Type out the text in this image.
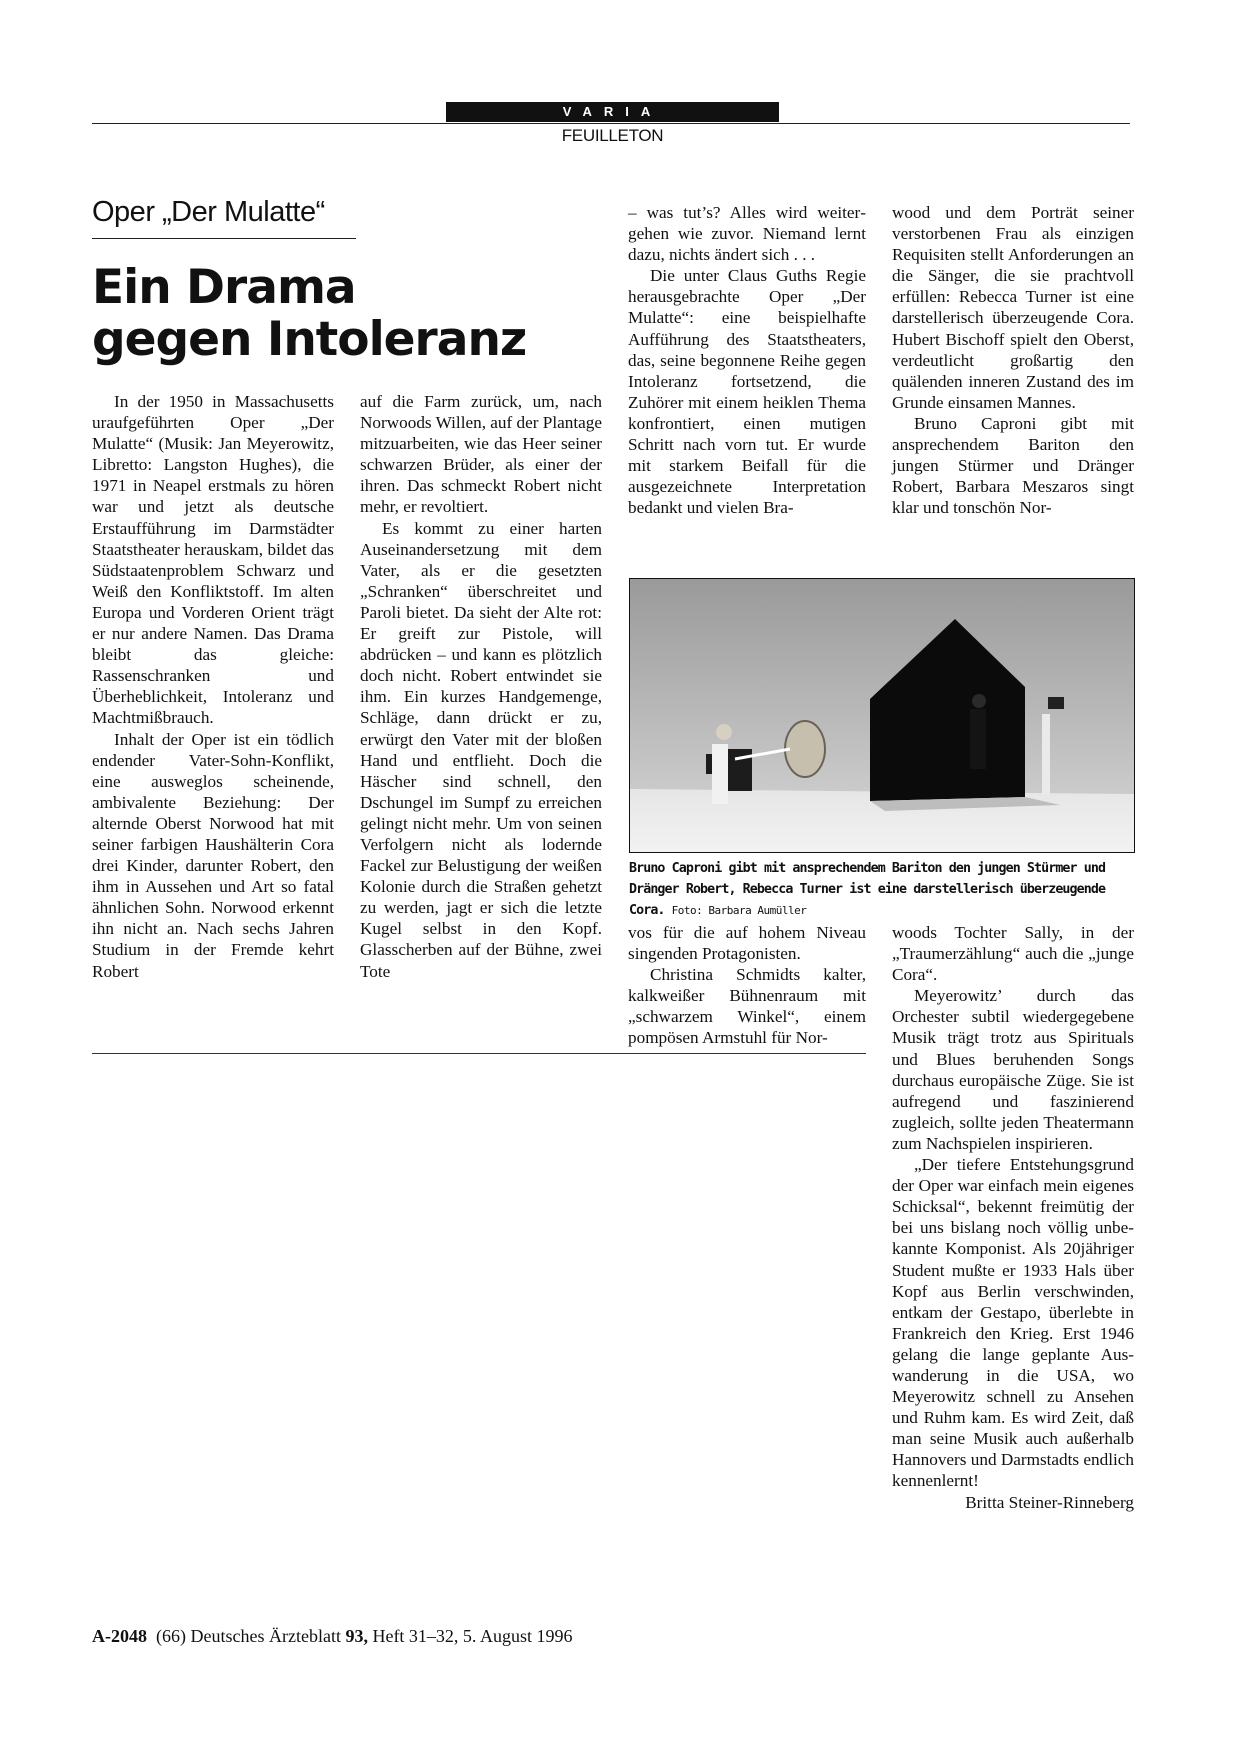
VARIA
FEUILLETON
Oper „Der Mulatte“
Ein Drama
gegen Intoleranz

In der 1950 in Massachusetts uraufgeführten Oper „Der Mulatte“ (Musik: Jan Meyerowitz, Libretto: Langston Hughes), die 1971 in Neapel erstmals zu hören war und jetzt als deutsche Erstaufführung im Darmstädter Staatstheater herauskam, bildet das Südstaatenproblem Schwarz und Weiß den Konfliktstoff. Im alten Europa und Vorderen Orient trägt er nur andere Namen. Das Drama bleibt das gleiche: Rassenschranken und Überheblichkeit, Intoleranz und Machtmißbrauch.

Inhalt der Oper ist ein tödlich endender Vater-Sohn-Konflikt, eine ausweglos scheinende, ambivalente Beziehung: Der alternde Oberst Norwood hat mit seiner farbigen Haushälterin Cora drei Kinder, darunter Robert, den ihm in Aussehen und Art so fatal ähnlichen Sohn. Norwood erkennt ihn nicht an. Nach sechs Jahren Studium in der Fremde kehrt Robert

auf die Farm zurück, um, nach Norwoods Willen, auf der Plantage mitzuarbeiten, wie das Heer seiner schwarzen Brüder, als einer der ihren. Das schmeckt Robert nicht mehr, er revoltiert.

Es kommt zu einer harten Auseinandersetzung mit dem Vater, als er die gesetzten „Schranken“ überschreitet und Paroli bietet. Da sieht der Alte rot: Er greift zur Pistole, will abdrücken – und kann es plötzlich doch nicht. Robert entwindet sie ihm. Ein kurzes Handgemenge, Schläge, dann drückt er zu, erwürgt den Vater mit der bloßen Hand und entflieht. Doch die Häscher sind schnell, den Dschungel im Sumpf zu erreichen gelingt nicht mehr. Um von seinen Verfolgern nicht als lodernde Fackel zur Belustigung der weißen Kolonie durch die Straßen gehetzt zu werden, jagt er sich die letzte Kugel selbst in den Kopf. Glasscherben auf der Bühne, zwei Tote

– was tut’s? Alles wird weitergehen wie zuvor. Niemand lernt dazu, nichts ändert sich . . .

Die unter Claus Guths Regie herausgebrachte Oper „Der Mulatte“: eine beispielhafte Aufführung des Staatstheaters, das, seine begonnene Reihe gegen Intoleranz fortsetzend, die Zuhörer mit einem heiklen Thema konfrontiert, einen mutigen Schritt nach vorn tut. Er wurde mit starkem Beifall für die ausgezeichnete Interpretation bedankt und vielen Bra-

wood und dem Porträt seiner verstorbenen Frau als einzigen Requisiten stellt Anforderungen an die Sänger, die sie prachtvoll erfüllen: Rebecca Turner ist eine darstellerisch überzeugende Cora. Hubert Bischoff spielt den Oberst, verdeutlicht großartig den quälenden inneren Zustand des im Grunde einsamen Mannes.

Bruno Caproni gibt mit ansprechendem Bariton den jungen Stürmer und Dränger Robert, Barbara Meszaros singt klar und tonschön Nor-

Bruno Caproni gibt mit ansprechendem Bariton den jungen Stürmer und Dränger Robert, Rebecca Turner ist eine darstellerisch überzeugende Cora. Foto: Barbara Aumüller

vos für die auf hohem Niveau singenden Protagonisten.

Christina Schmidts kalter, kalkweißer Bühnenraum mit „schwarzem Winkel“, einem pompösen Armstuhl für Nor-

woods Tochter Sally, in der „Traumerzählung“ auch die „junge Cora“.

Meyerowitz’ durch das Orchester subtil wiedergegebene Musik trägt trotz aus Spirituals und Blues beruhenden Songs durchaus europäische Züge. Sie ist aufregend und faszinierend zugleich, sollte jeden Theatermann zum Nachspielen inspirieren.

„Der tiefere Entstehungsgrund der Oper war einfach mein eigenes Schicksal“, bekennt freimütig der bei uns bislang noch völlig unbekannte Komponist. Als 20jähriger Student mußte er 1933 Hals über Kopf aus Berlin verschwinden, entkam der Gestapo, überlebte in Frankreich den Krieg. Erst 1946 gelang die lange geplante Auswanderung in die USA, wo Meyerowitz schnell zu Ansehen und Ruhm kam. Es wird Zeit, daß man seine Musik auch außerhalb Hannovers und Darmstadts endlich kennenlernt!

Britta Steiner-Rinneberg

A-2048 (66) Deutsches Ärzteblatt 93, Heft 31–32, 5. August 1996
